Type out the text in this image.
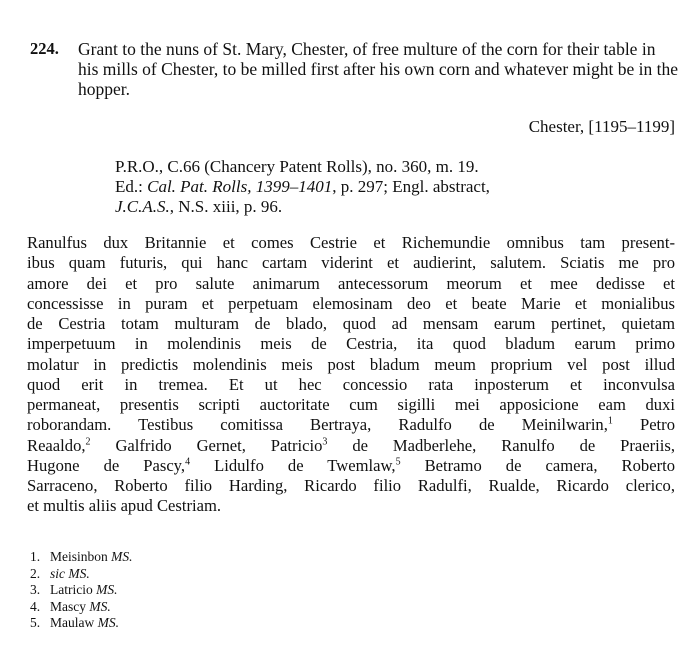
224. Grant to the nuns of St. Mary, Chester, of free multure of the corn for their table in his mills of Chester, to be milled first after his own corn and whatever might be in the hopper.
Chester, [1195–1199]
P.R.O., C.66 (Chancery Patent Rolls), no. 360, m. 19.
Ed.: Cal. Pat. Rolls, 1399–1401, p. 297; Engl. abstract,
J.C.A.S., N.S. xiii, p. 96.
Ranulfus dux Britannie et comes Cestrie et Richemundie omnibus tam present-
ibus quam futuris, qui hanc cartam viderint et audierint, salutem. Sciatis me pro
amore dei et pro salute animarum antecessorum meorum et mee dedisse et
concessisse in puram et perpetuam elemosinam deo et beate Marie et monialibus
de Cestria totam multuram de blado, quod ad mensam earum pertinet, quietam
imperpetuum in molendinis meis de Cestria, ita quod bladum earum primo
molatur in predictis molendinis meis post bladum meum proprium vel post illud
quod erit in tremea. Et ut hec concessio rata inposterum et inconvulsa
permaneat, presentis scripti auctoritate cum sigilli mei apposicione eam duxi
roborandam. Testibus comitissa Bertraya, Radulfo de Meinilwarin,$^1$ Petro
Reaaldo,$^2$ Galfrido Gernet, Patricio$^3$ de Madberlehe, Ranulfo de Praeriis,
Hugone de Pascy,$^4$ Lidulfo de Twemlaw,$^5$ Betramo de camera, Roberto
Sarraceno, Roberto filio Harding, Ricardo filio Radulfi, Rualde, Ricardo clerico,
et multis aliis apud Cestriam.
1. Meisinbon MS.
2. sic MS.
3. Latricio MS.
4. Mascy MS.
5. Maulaw MS.
